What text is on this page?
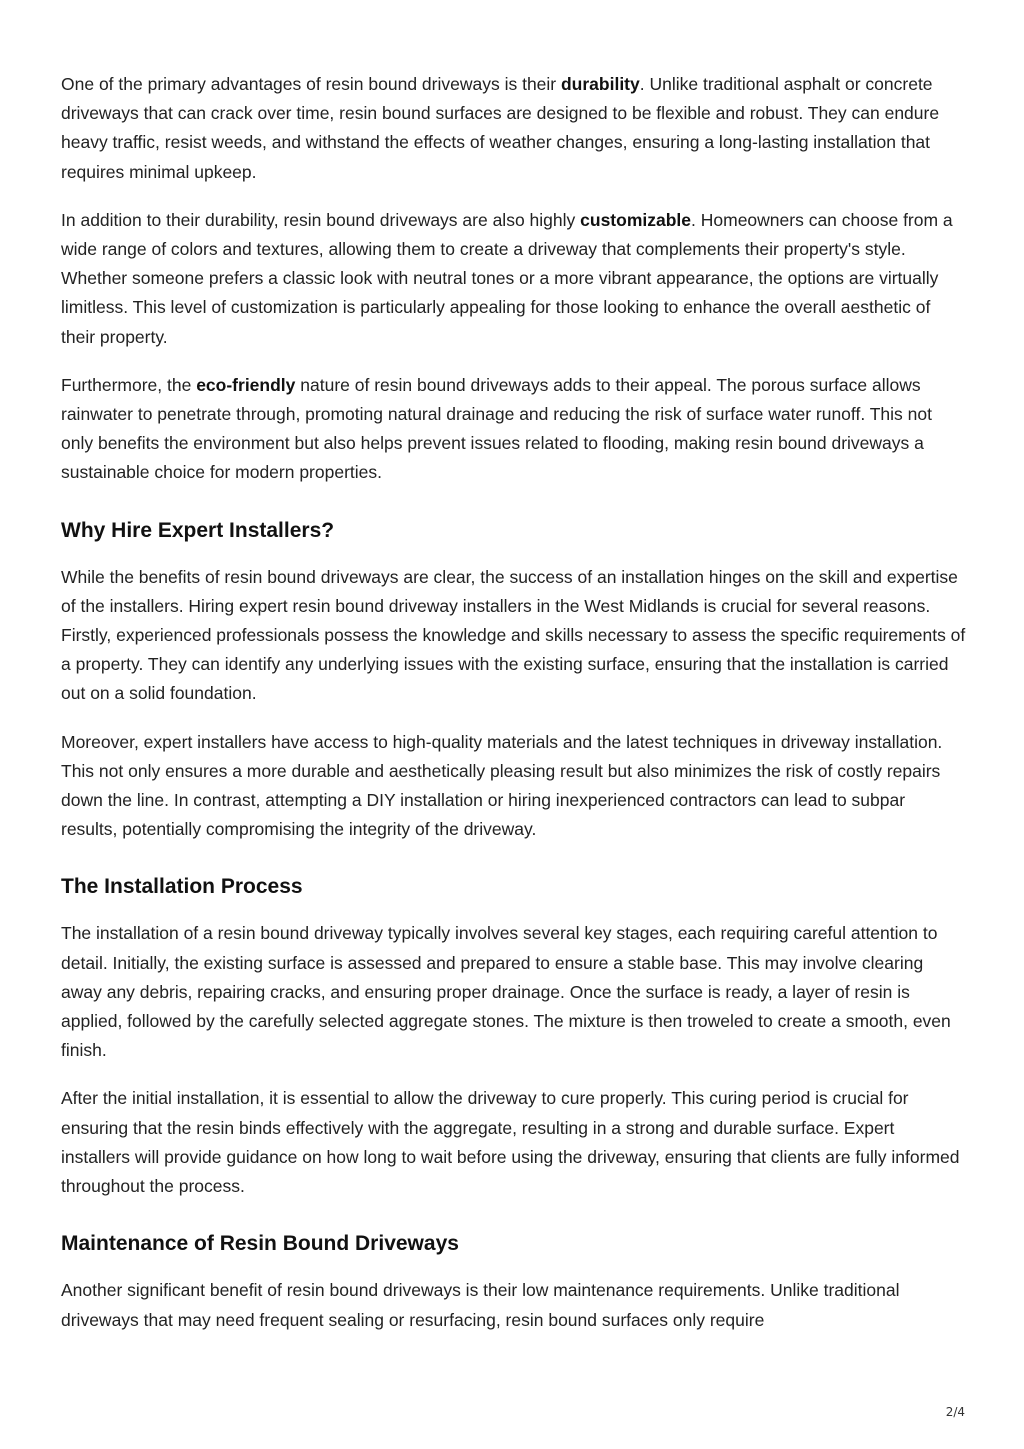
One of the primary advantages of resin bound driveways is their durability. Unlike traditional asphalt or concrete driveways that can crack over time, resin bound surfaces are designed to be flexible and robust. They can endure heavy traffic, resist weeds, and withstand the effects of weather changes, ensuring a long-lasting installation that requires minimal upkeep.

In addition to their durability, resin bound driveways are also highly customizable. Homeowners can choose from a wide range of colors and textures, allowing them to create a driveway that complements their property's style. Whether someone prefers a classic look with neutral tones or a more vibrant appearance, the options are virtually limitless. This level of customization is particularly appealing for those looking to enhance the overall aesthetic of their property.

Furthermore, the eco-friendly nature of resin bound driveways adds to their appeal. The porous surface allows rainwater to penetrate through, promoting natural drainage and reducing the risk of surface water runoff. This not only benefits the environment but also helps prevent issues related to flooding, making resin bound driveways a sustainable choice for modern properties.

Why Hire Expert Installers?

While the benefits of resin bound driveways are clear, the success of an installation hinges on the skill and expertise of the installers. Hiring expert resin bound driveway installers in the West Midlands is crucial for several reasons. Firstly, experienced professionals possess the knowledge and skills necessary to assess the specific requirements of a property. They can identify any underlying issues with the existing surface, ensuring that the installation is carried out on a solid foundation.

Moreover, expert installers have access to high-quality materials and the latest techniques in driveway installation. This not only ensures a more durable and aesthetically pleasing result but also minimizes the risk of costly repairs down the line. In contrast, attempting a DIY installation or hiring inexperienced contractors can lead to subpar results, potentially compromising the integrity of the driveway.

The Installation Process

The installation of a resin bound driveway typically involves several key stages, each requiring careful attention to detail. Initially, the existing surface is assessed and prepared to ensure a stable base. This may involve clearing away any debris, repairing cracks, and ensuring proper drainage. Once the surface is ready, a layer of resin is applied, followed by the carefully selected aggregate stones. The mixture is then troweled to create a smooth, even finish.

After the initial installation, it is essential to allow the driveway to cure properly. This curing period is crucial for ensuring that the resin binds effectively with the aggregate, resulting in a strong and durable surface. Expert installers will provide guidance on how long to wait before using the driveway, ensuring that clients are fully informed throughout the process.

Maintenance of Resin Bound Driveways

Another significant benefit of resin bound driveways is their low maintenance requirements. Unlike traditional driveways that may need frequent sealing or resurfacing, resin bound surfaces only require

2/4
